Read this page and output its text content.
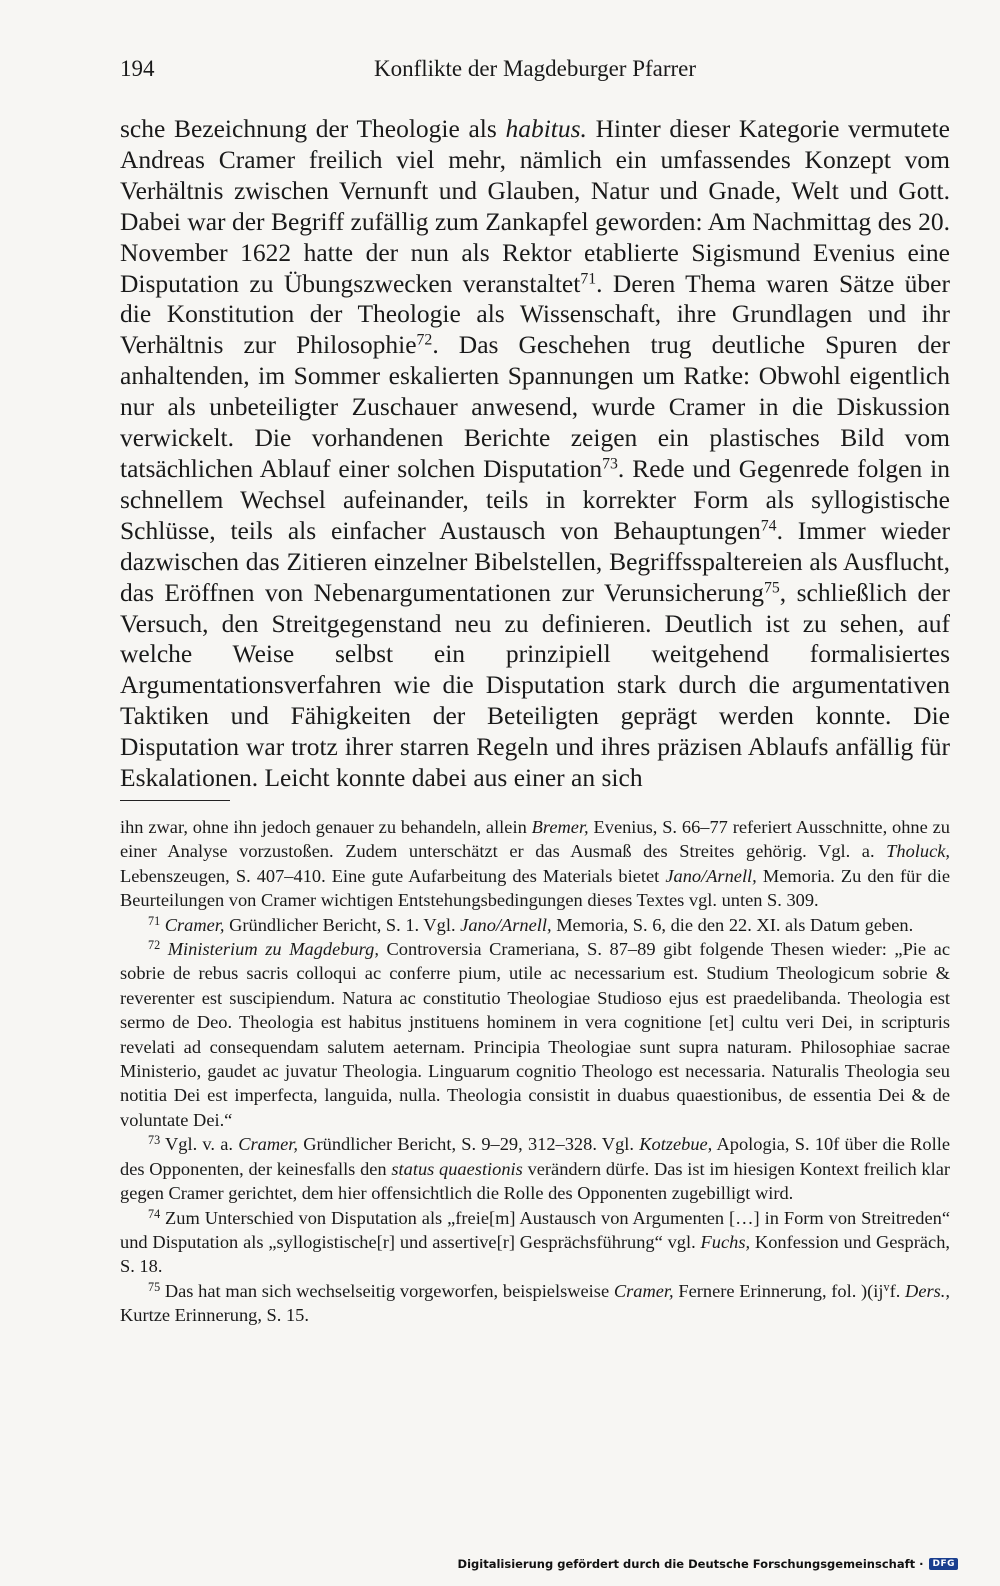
194	Konflikte der Magdeburger Pfarrer

sche Bezeichnung der Theologie als habitus. Hinter dieser Kategorie vermutete Andreas Cramer freilich viel mehr, nämlich ein umfassendes Konzept vom Verhältnis zwischen Vernunft und Glauben, Natur und Gnade, Welt und Gott. Dabei war der Begriff zufällig zum Zankapfel geworden: Am Nachmittag des 20. November 1622 hatte der nun als Rektor etablierte Sigismund Evenius eine Disputation zu Übungszwecken veranstaltet$^{71}$. Deren Thema waren Sätze über die Konstitution der Theologie als Wissenschaft, ihre Grundlagen und ihr Verhältnis zur Philosophie$^{72}$. Das Geschehen trug deutliche Spuren der anhaltenden, im Sommer eskalierten Spannungen um Ratke: Obwohl eigentlich nur als unbeteiligter Zuschauer anwesend, wurde Cramer in die Diskussion verwickelt. Die vorhandenen Berichte zeigen ein plastisches Bild vom tatsächlichen Ablauf einer solchen Disputation$^{73}$. Rede und Gegenrede folgen in schnellem Wechsel aufeinander, teils in korrekter Form als syllogistische Schlüsse, teils als einfacher Austausch von Behauptungen$^{74}$. Immer wieder dazwischen das Zitieren einzelner Bibelstellen, Begriffsspaltereien als Ausflucht, das Eröffnen von Nebenargumentationen zur Verunsicherung$^{75}$, schließlich der Versuch, den Streitgegenstand neu zu definieren. Deutlich ist zu sehen, auf welche Weise selbst ein prinzipiell weitgehend formalisiertes Argumentationsverfahren wie die Disputation stark durch die argumentativen Taktiken und Fähigkeiten der Beteiligten geprägt werden konnte. Die Disputation war trotz ihrer starren Regeln und ihres präzisen Ablaufs anfällig für Eskalationen. Leicht konnte dabei aus einer an sich

ihn zwar, ohne ihn jedoch genauer zu behandeln, allein Bremer, Evenius, S. 66–77 referiert Ausschnitte, ohne zu einer Analyse vorzustoßen. Zudem unterschätzt er das Ausmaß des Streites gehörig. Vgl. a. Tholuck, Lebenszeugen, S. 407–410. Eine gute Aufarbeitung des Materials bietet Jano/Arnell, Memoria. Zu den für die Beurteilungen von Cramer wichtigen Entstehungsbedingungen dieses Textes vgl. unten S. 309.

$^{71}$ Cramer, Gründlicher Bericht, S. 1. Vgl. Jano/Arnell, Memoria, S. 6, die den 22. XI. als Datum geben.

$^{72}$ Ministerium zu Magdeburg, Controversia Crameriana, S. 87–89 gibt folgende Thesen wieder: „Pie ac sobrie de rebus sacris colloqui ac conferre pium, utile ac necessarium est. Studium Theologicum sobrie & reverenter est suscipiendum. Natura ac constitutio Theologiae Studioso ejus est praedelibanda. Theologia est sermo de Deo. Theologia est habitus jnstituens hominem in vera cognitione [et] cultu veri Dei, in scripturis revelati ad consequendam salutem aeternam. Principia Theologiae sunt supra naturam. Philosophiae sacrae Ministerio, gaudet ac juvatur Theologia. Linguarum cognitio Theologo est necessaria. Naturalis Theologia seu notitia Dei est imperfecta, languida, nulla. Theologia consistit in duabus quaestionibus, de essentia Dei & de voluntate Dei.“

$^{73}$ Vgl. v. a. Cramer, Gründlicher Bericht, S. 9–29, 312–328. Vgl. Kotzebue, Apologia, S. 10f über die Rolle des Opponenten, der keinesfalls den status quaestionis verändern dürfe. Das ist im hiesigen Kontext freilich klar gegen Cramer gerichtet, dem hier offensichtlich die Rolle des Opponenten zugebilligt wird.

$^{74}$ Zum Unterschied von Disputation als „freie[m] Austausch von Argumenten […] in Form von Streitreden“ und Disputation als „syllogistische[r] und assertive[r] Gesprächsführung“ vgl. Fuchs, Konfession und Gespräch, S. 18.

$^{75}$ Das hat man sich wechselseitig vorgeworfen, beispielsweise Cramer, Fernere Erinnerung, fol. )(ij$^v$f. Ders., Kurtze Erinnerung, S. 15.

Digitalisierung gefördert durch die Deutsche Forschungsgemeinschaft ·	DFG
